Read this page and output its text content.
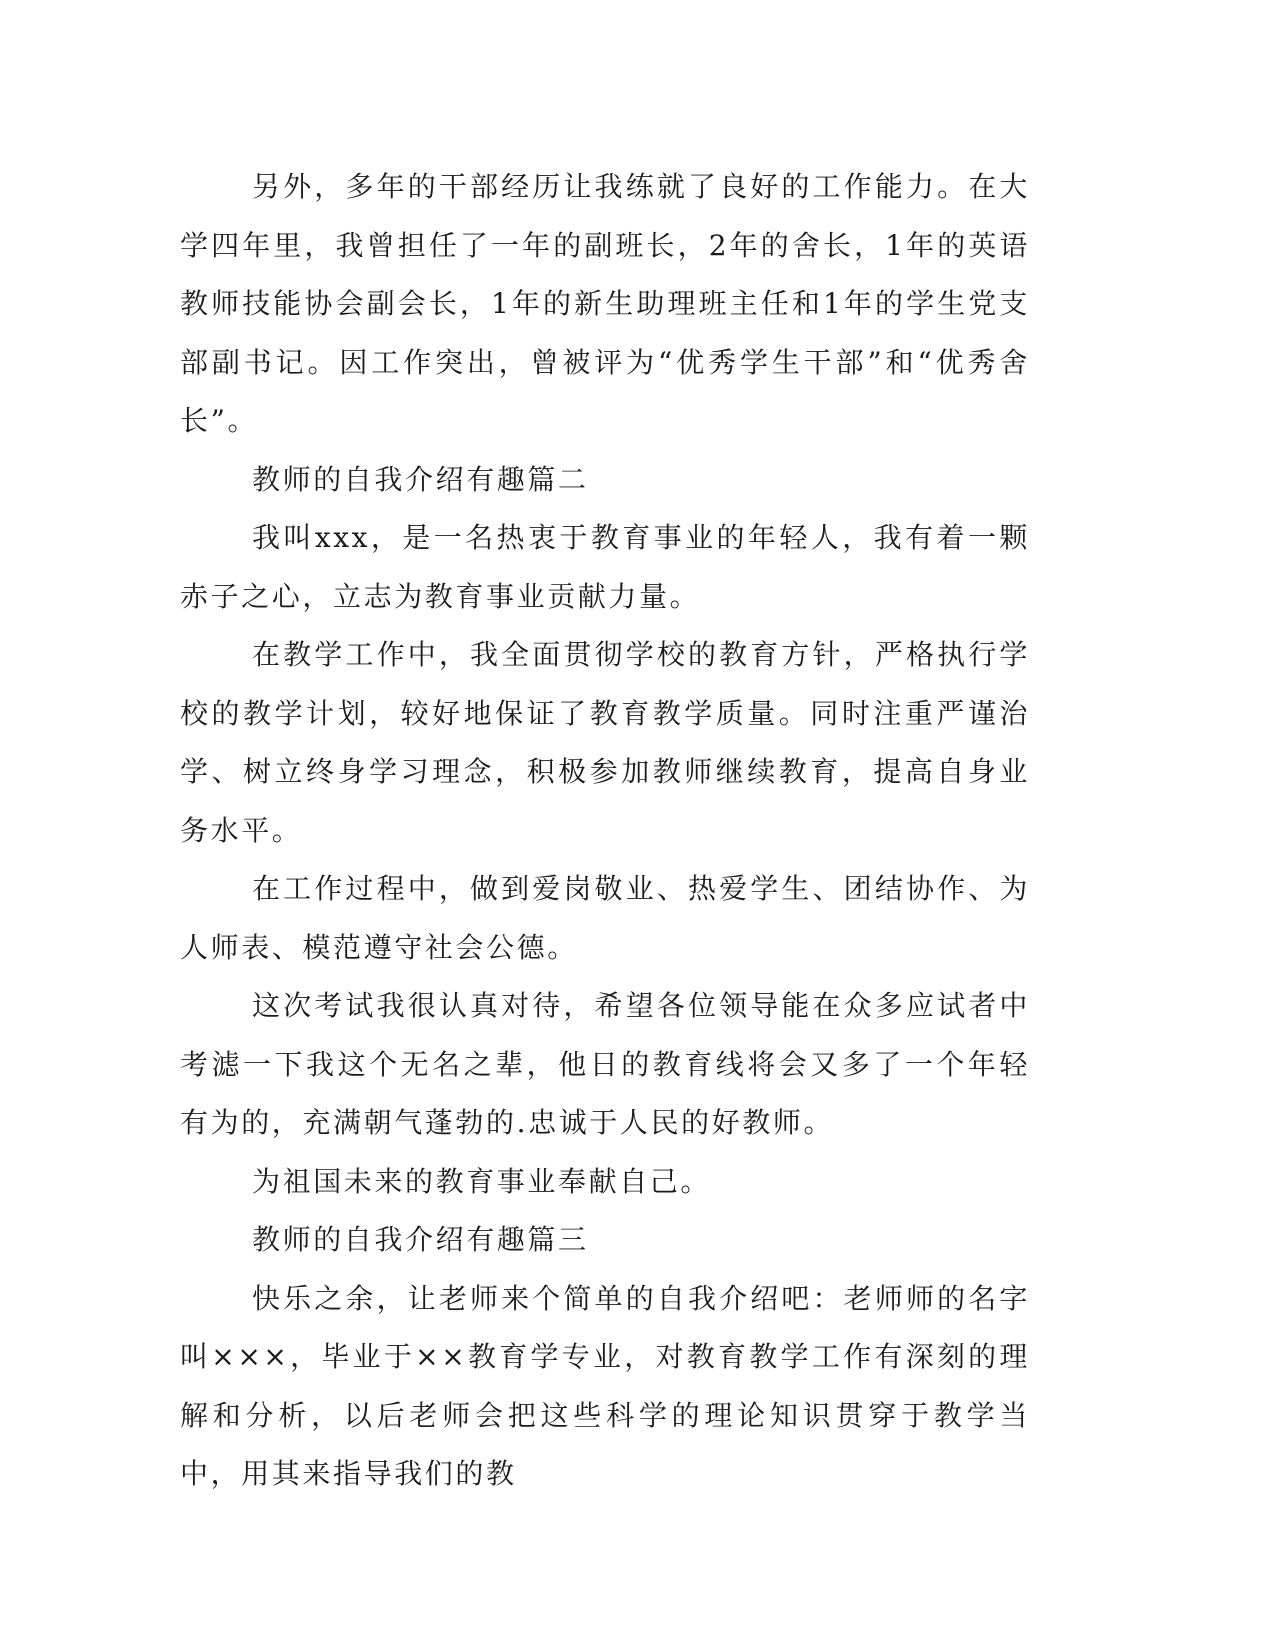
另外，多年的干部经历让我练就了良好的工作能力。在大学四年里，我曾担任了一年的副班长，2年的舍长，1年的英语教师技能协会副会长，1年的新生助理班主任和1年的学生党支部副书记。因工作突出，曾被评为“优秀学生干部”和“优秀舍长”。

教师的自我介绍有趣篇二

我叫xxx，是一名热衷于教育事业的年轻人，我有着一颗赤子之心，立志为教育事业贡献力量。

在教学工作中，我全面贯彻学校的教育方针，严格执行学校的教学计划，较好地保证了教育教学质量。同时注重严谨治学、树立终身学习理念，积极参加教师继续教育，提高自身业务水平。

在工作过程中，做到爱岗敬业、热爱学生、团结协作、为人师表、模范遵守社会公德。

这次考试我很认真对待，希望各位领导能在众多应试者中考滤一下我这个无名之辈，他日的教育线将会又多了一个年轻有为的，充满朝气蓬勃的.忠诚于人民的好教师。

为祖国未来的教育事业奉献自己。

教师的自我介绍有趣篇三

快乐之余，让老师来个简单的自我介绍吧：老师师的名字叫×××，毕业于××教育学专业，对教育教学工作有深刻的理解和分析，以后老师会把这些科学的理论知识贯穿于教学当中，用其来指导我们的教
